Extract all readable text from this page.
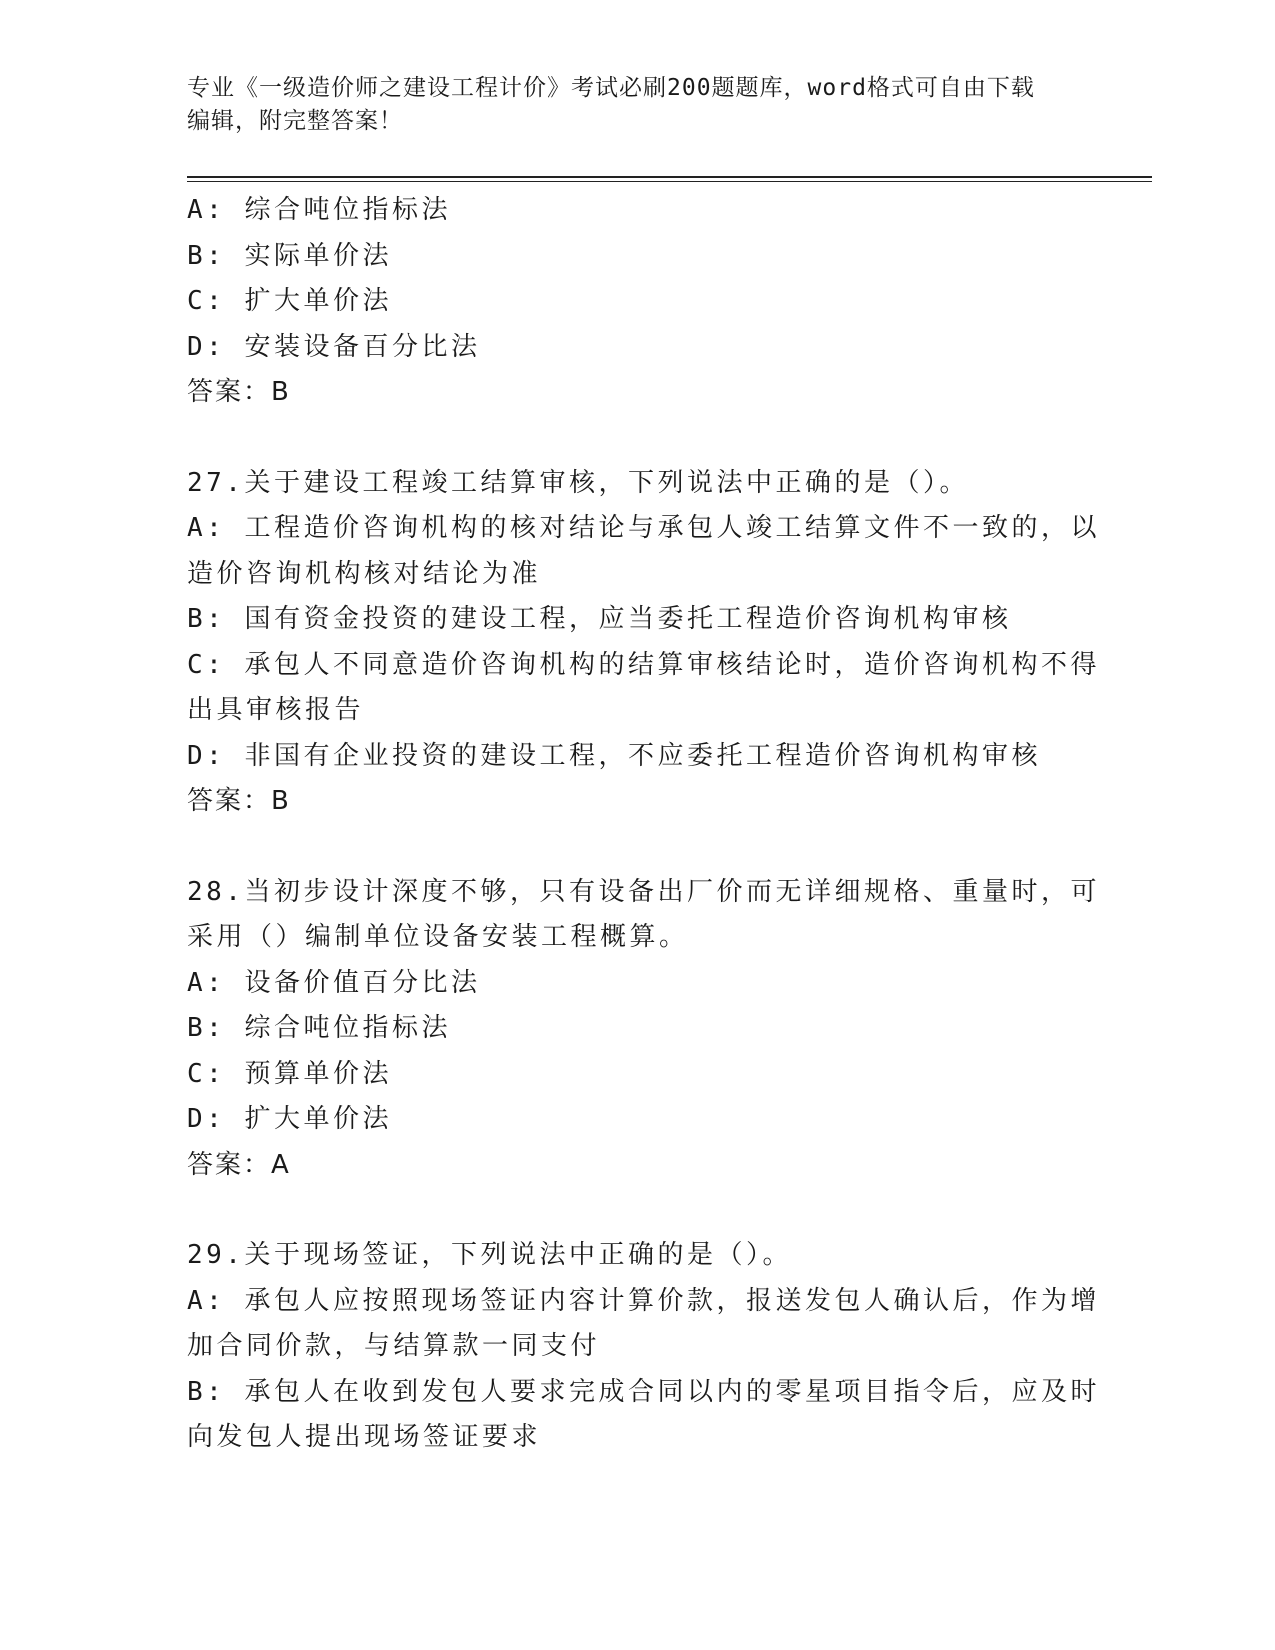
专业《一级造价师之建设工程计价》考试必刷200题题库，word格式可自由下载
编辑，附完整答案！
A: 综合吨位指标法
B: 实际单价法
C: 扩大单价法
D: 安装设备百分比法
答案：B
27.关于建设工程竣工结算审核，下列说法中正确的是（）。
A: 工程造价咨询机构的核对结论与承包人竣工结算文件不一致的，以
造价咨询机构核对结论为准
B: 国有资金投资的建设工程，应当委托工程造价咨询机构审核
C: 承包人不同意造价咨询机构的结算审核结论时，造价咨询机构不得
出具审核报告
D: 非国有企业投资的建设工程，不应委托工程造价咨询机构审核
答案：B
28.当初步设计深度不够，只有设备出厂价而无详细规格、重量时，可
采用（）编制单位设备安装工程概算。
A: 设备价值百分比法
B: 综合吨位指标法
C: 预算单价法
D: 扩大单价法
答案：A
29.关于现场签证，下列说法中正确的是（）。
A: 承包人应按照现场签证内容计算价款，报送发包人确认后，作为增
加合同价款，与结算款一同支付
B: 承包人在收到发包人要求完成合同以内的零星项目指令后，应及时
向发包人提出现场签证要求
